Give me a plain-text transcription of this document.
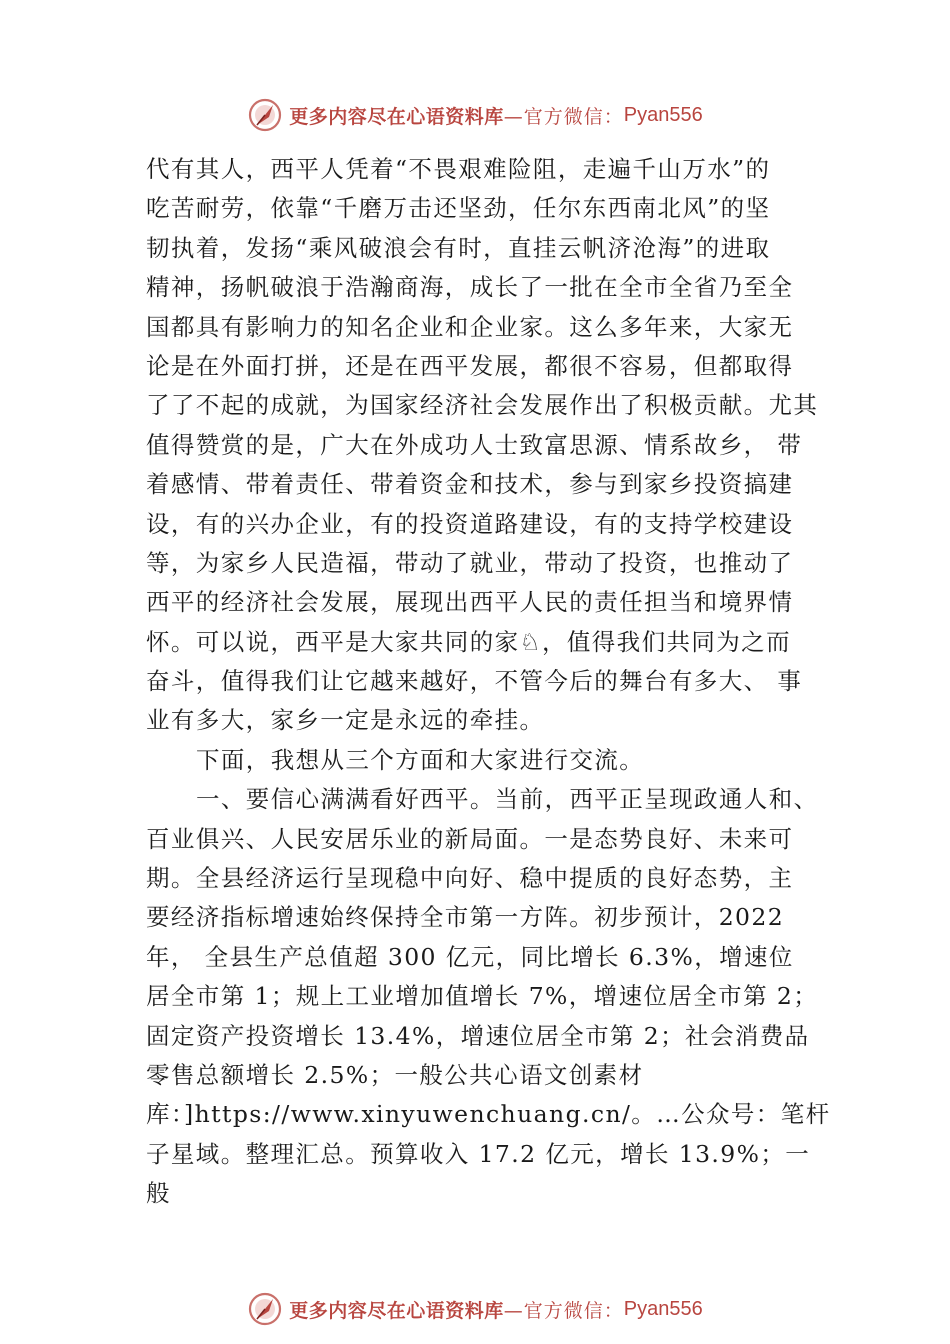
更多内容尽在心语资料库 —官方微信： Pyan556
代有其人，西平人凭着“不畏艰难险阻，走遍千山万水”的
吃苦耐劳，依靠“千磨万击还坚劲，任尔东西南北风”的坚
韧执着，发扬“乘风破浪会有时，直挂云帆济沧海”的进取
精神，扬帆破浪于浩瀚商海，成长了一批在全市全省乃至全
国都具有影响力的知名企业和企业家。这么多年来，大家无
论是在外面打拼，还是在西平发展，都很不容易，但都取得
了了不起的成就，为国家经济社会发展作出了积极贡献。尤其
值得赞赏的是，广大在外成功人士致富思源、情系故乡， 带
着感情、带着责任、带着资金和技术，参与到家乡投资搞建
设，有的兴办企业，有的投资道路建设，有的支持学校建设
等，为家乡人民造福，带动了就业，带动了投资，也推动了
西平的经济社会发展，展现出西平人民的责任担当和境界情
怀。可以说，西平是大家共同的家♘，值得我们共同为之而
奋斗，值得我们让它越来越好，不管今后的舞台有多大、 事
业有多大，家乡一定是永远的牵挂。
下面，我想从三个方面和大家进行交流。
一、要信心满满看好西平。当前，西平正呈现政通人和、
百业俱兴、人民安居乐业的新局面。一是态势良好、未来可
期。全县经济运行呈现稳中向好、稳中提质的良好态势，主
要经济指标增速始终保持全市第一方阵。初步预计，2022
年， 全县生产总值超 300 亿元，同比增长 6.3%，增速位
居全市第 1；规上工业增加值增长 7%，增速位居全市第 2；
固定资产投资增长 13.4%，增速位居全市第 2；社会消费品
零售总额增长 2.5%；一般公共心语文创素材
库：]https://www.xinyuwenchuang.cn/。…公众号：笔杆
子星域。整理汇总。预算收入 17.2 亿元，增长 13.9%；一
般
更多内容尽在心语资料库 —官方微信： Pyan556
